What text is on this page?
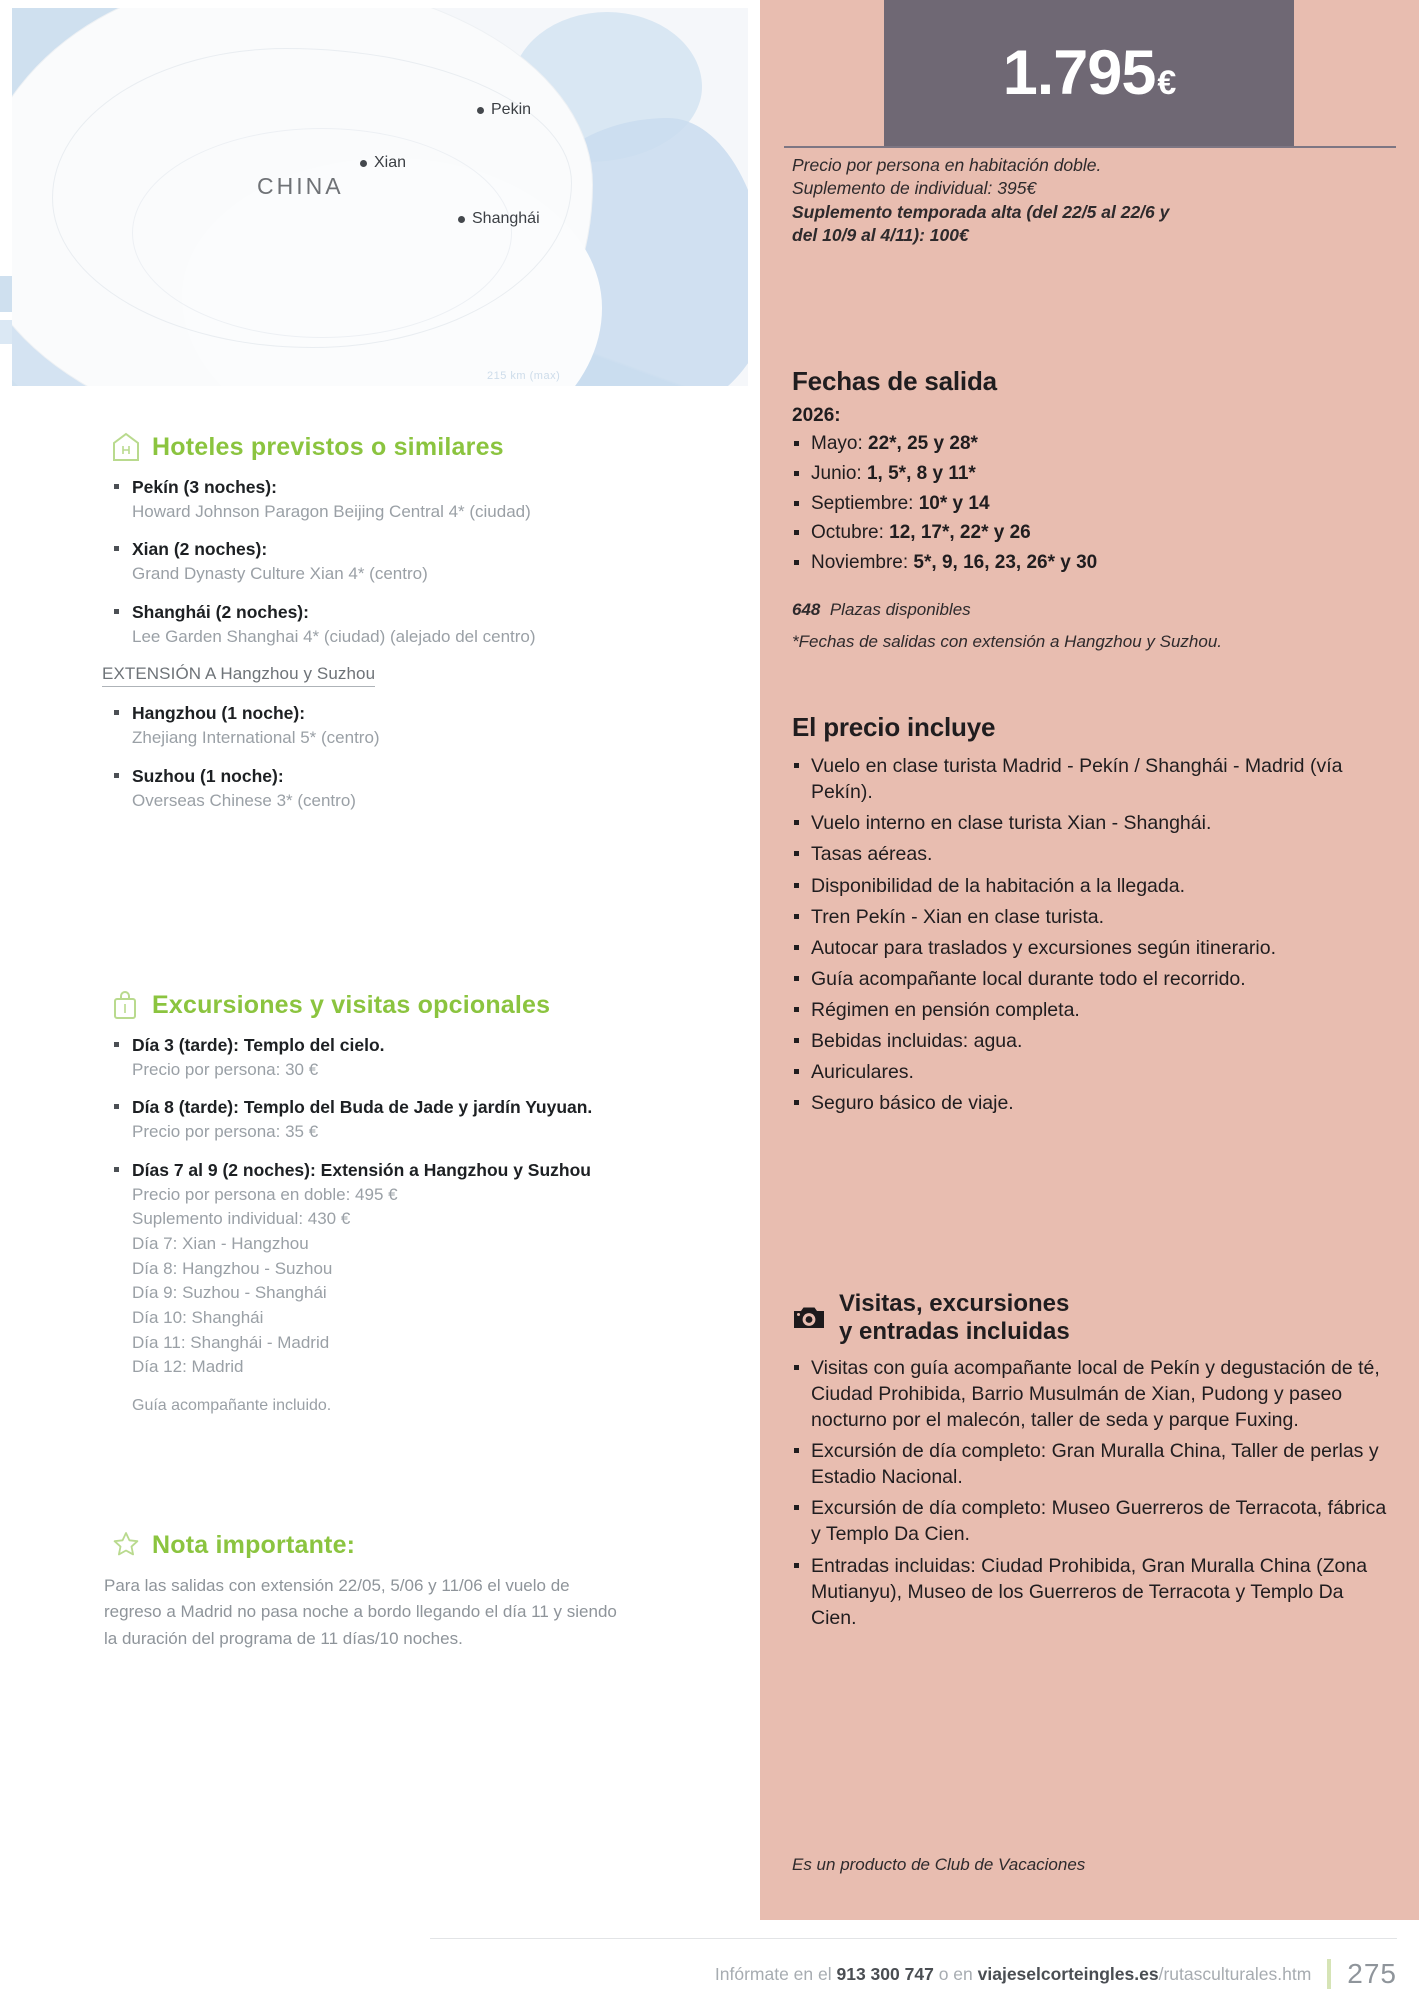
CHINA
Pekin
Xian
Shanghái
215 km (max)
Hoteles previstos o similares
Pekín (3 noches):
Howard Johnson Paragon Beijing Central 4* (ciudad)
Xian (2 noches):
Grand Dynasty Culture Xian 4* (centro)
Shanghái (2 noches):
Lee Garden Shanghai 4* (ciudad) (alejado del centro)
EXTENSIÓN A Hangzhou y Suzhou
Hangzhou (1 noche):
Zhejiang International 5* (centro)
Suzhou (1 noche):
Overseas Chinese 3* (centro)
Excursiones y visitas opcionales
Día 3 (tarde): Templo del cielo.
Precio por persona: 30 €
Día 8 (tarde): Templo del Buda de Jade y jardín Yuyuan.
Precio por persona: 35 €
Días 7 al 9 (2 noches): Extensión a Hangzhou y Suzhou
Precio por persona en doble: 495 €
Suplemento individual: 430 €
Día 7: Xian - Hangzhou
Día 8: Hangzhou - Suzhou
Día 9: Suzhou - Shanghái
Día 10: Shanghái
Día 11: Shanghái - Madrid
Día 12: Madrid
Guía acompañante incluido.
Nota importante:
Para las salidas con extensión 22/05, 5/06 y 11/06 el vuelo de regreso a Madrid no pasa noche a bordo llegando el día 11 y siendo la duración del programa de 11 días/10 noches.
1.795 €
Precio por persona en habitación doble.
Suplemento de individual: 395€
Suplemento temporada alta (del 22/5 al 22/6 y
del 10/9 al 4/11): 100€
Fechas de salida
2026:
Mayo: 22*, 25 y 28*
Junio: 1, 5*, 8 y 11*
Septiembre: 10* y 14
Octubre: 12, 17*, 22* y 26
Noviembre: 5*, 9, 16, 23, 26* y 30
648 Plazas disponibles
*Fechas de salidas con extensión a Hangzhou y Suzhou.
El precio incluye
Vuelo en clase turista Madrid - Pekín / Shanghái - Madrid (vía Pekín).
Vuelo interno en clase turista Xian - Shanghái.
Tasas aéreas.
Disponibilidad de la habitación a la llegada.
Tren Pekín - Xian en clase turista.
Autocar para traslados y excursiones según itinerario.
Guía acompañante local durante todo el recorrido.
Régimen en pensión completa.
Bebidas incluidas: agua.
Auriculares.
Seguro básico de viaje.
Visitas, excursiones
y entradas incluidas
Visitas con guía acompañante local de Pekín y degustación de té, Ciudad Prohibida, Barrio Musulmán de Xian, Pudong y paseo nocturno por el malecón, taller de seda y parque Fuxing.
Excursión de día completo: Gran Muralla China, Taller de perlas y Estadio Nacional.
Excursión de día completo: Museo Guerreros de Terracota, fábrica y Templo Da Cien.
Entradas incluidas: Ciudad Prohibida, Gran Muralla China (Zona Mutianyu), Museo de los Guerreros de Terracota y Templo Da Cien.
Es un producto de Club de Vacaciones
Infórmate en el 913 300 747 o en viajeselcorteingles.es/rutasculturales.htm 275
